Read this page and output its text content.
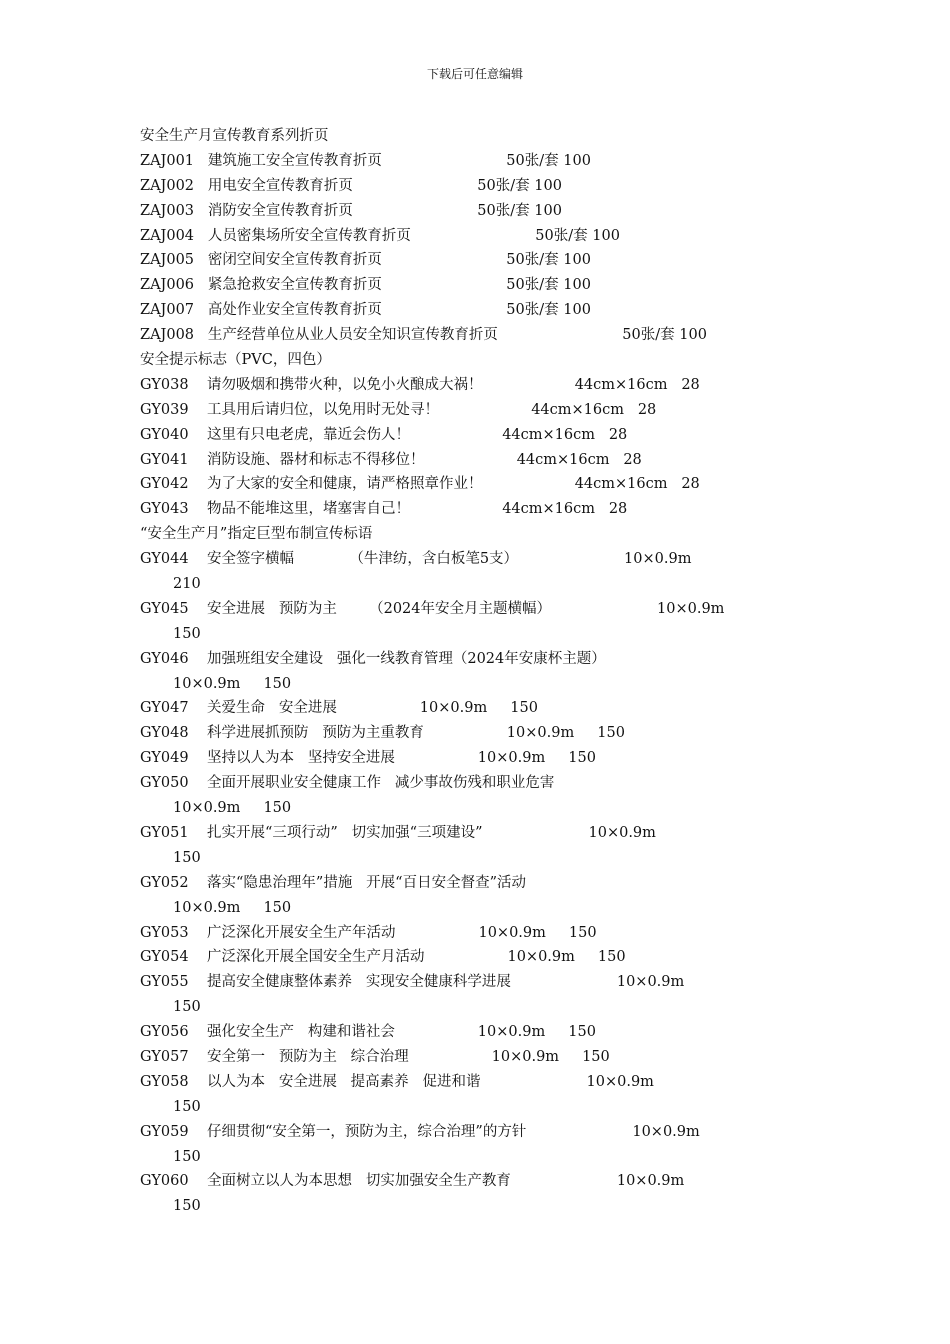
下载后可任意编辑
安全生产月宣传教育系列折页
ZAJ001   建筑施工安全宣传教育折页                           50张/套 100
ZAJ002   用电安全宣传教育折页                           50张/套 100
ZAJ003   消防安全宣传教育折页                           50张/套 100
ZAJ004   人员密集场所安全宣传教育折页                           50张/套 100
ZAJ005   密闭空间安全宣传教育折页                           50张/套 100
ZAJ006   紧急抢救安全宣传教育折页                           50张/套 100
ZAJ007   高处作业安全宣传教育折页                           50张/套 100
ZAJ008   生产经营单位从业人员安全知识宣传教育折页                           50张/套 100
安全提示标志（PVC，四色）
GY038    请勿吸烟和携带火种，以免小火酿成大祸！                    44cm×16cm   28
GY039    工具用后请归位，以免用时无处寻！                    44cm×16cm   28
GY040    这里有只电老虎，靠近会伤人！                    44cm×16cm   28
GY041    消防设施、器材和标志不得移位！                    44cm×16cm   28
GY042    为了大家的安全和健康，请严格照章作业！                    44cm×16cm   28
GY043    物品不能堆这里，堵塞害自己！                    44cm×16cm   28
“安全生产月”指定巨型布制宣传标语
GY044    安全签字横幅            （牛津纺，含白板笔5支）                       10×0.9m
210
GY045    安全进展   预防为主       （2024年安全月主题横幅）                       10×0.9m
150
GY046    加强班组安全建设   强化一线教育管理（2024年安康杯主题）
10×0.9m     150
GY047    关爱生命   安全进展                  10×0.9m     150
GY048    科学进展抓预防   预防为主重教育                  10×0.9m     150
GY049    坚持以人为本   坚持安全进展                  10×0.9m     150
GY050    全面开展职业安全健康工作   减少事故伤残和职业危害
10×0.9m     150
GY051    扎实开展“三项行动”   切实加强“三项建设”                       10×0.9m
150
GY052    落实“隐患治理年”措施   开展“百日安全督查”活动
10×0.9m     150
GY053    广泛深化开展安全生产年活动                  10×0.9m     150
GY054    广泛深化开展全国安全生产月活动                  10×0.9m     150
GY055    提高安全健康整体素养   实现安全健康科学进展                       10×0.9m
150
GY056    强化安全生产   构建和谐社会                  10×0.9m     150
GY057    安全第一   预防为主   综合治理                  10×0.9m     150
GY058    以人为本   安全进展   提高素养   促进和谐                       10×0.9m
150
GY059    仔细贯彻“安全第一，预防为主，综合治理”的方针                       10×0.9m
150
GY060    全面树立以人为本思想   切实加强安全生产教育                       10×0.9m
150
